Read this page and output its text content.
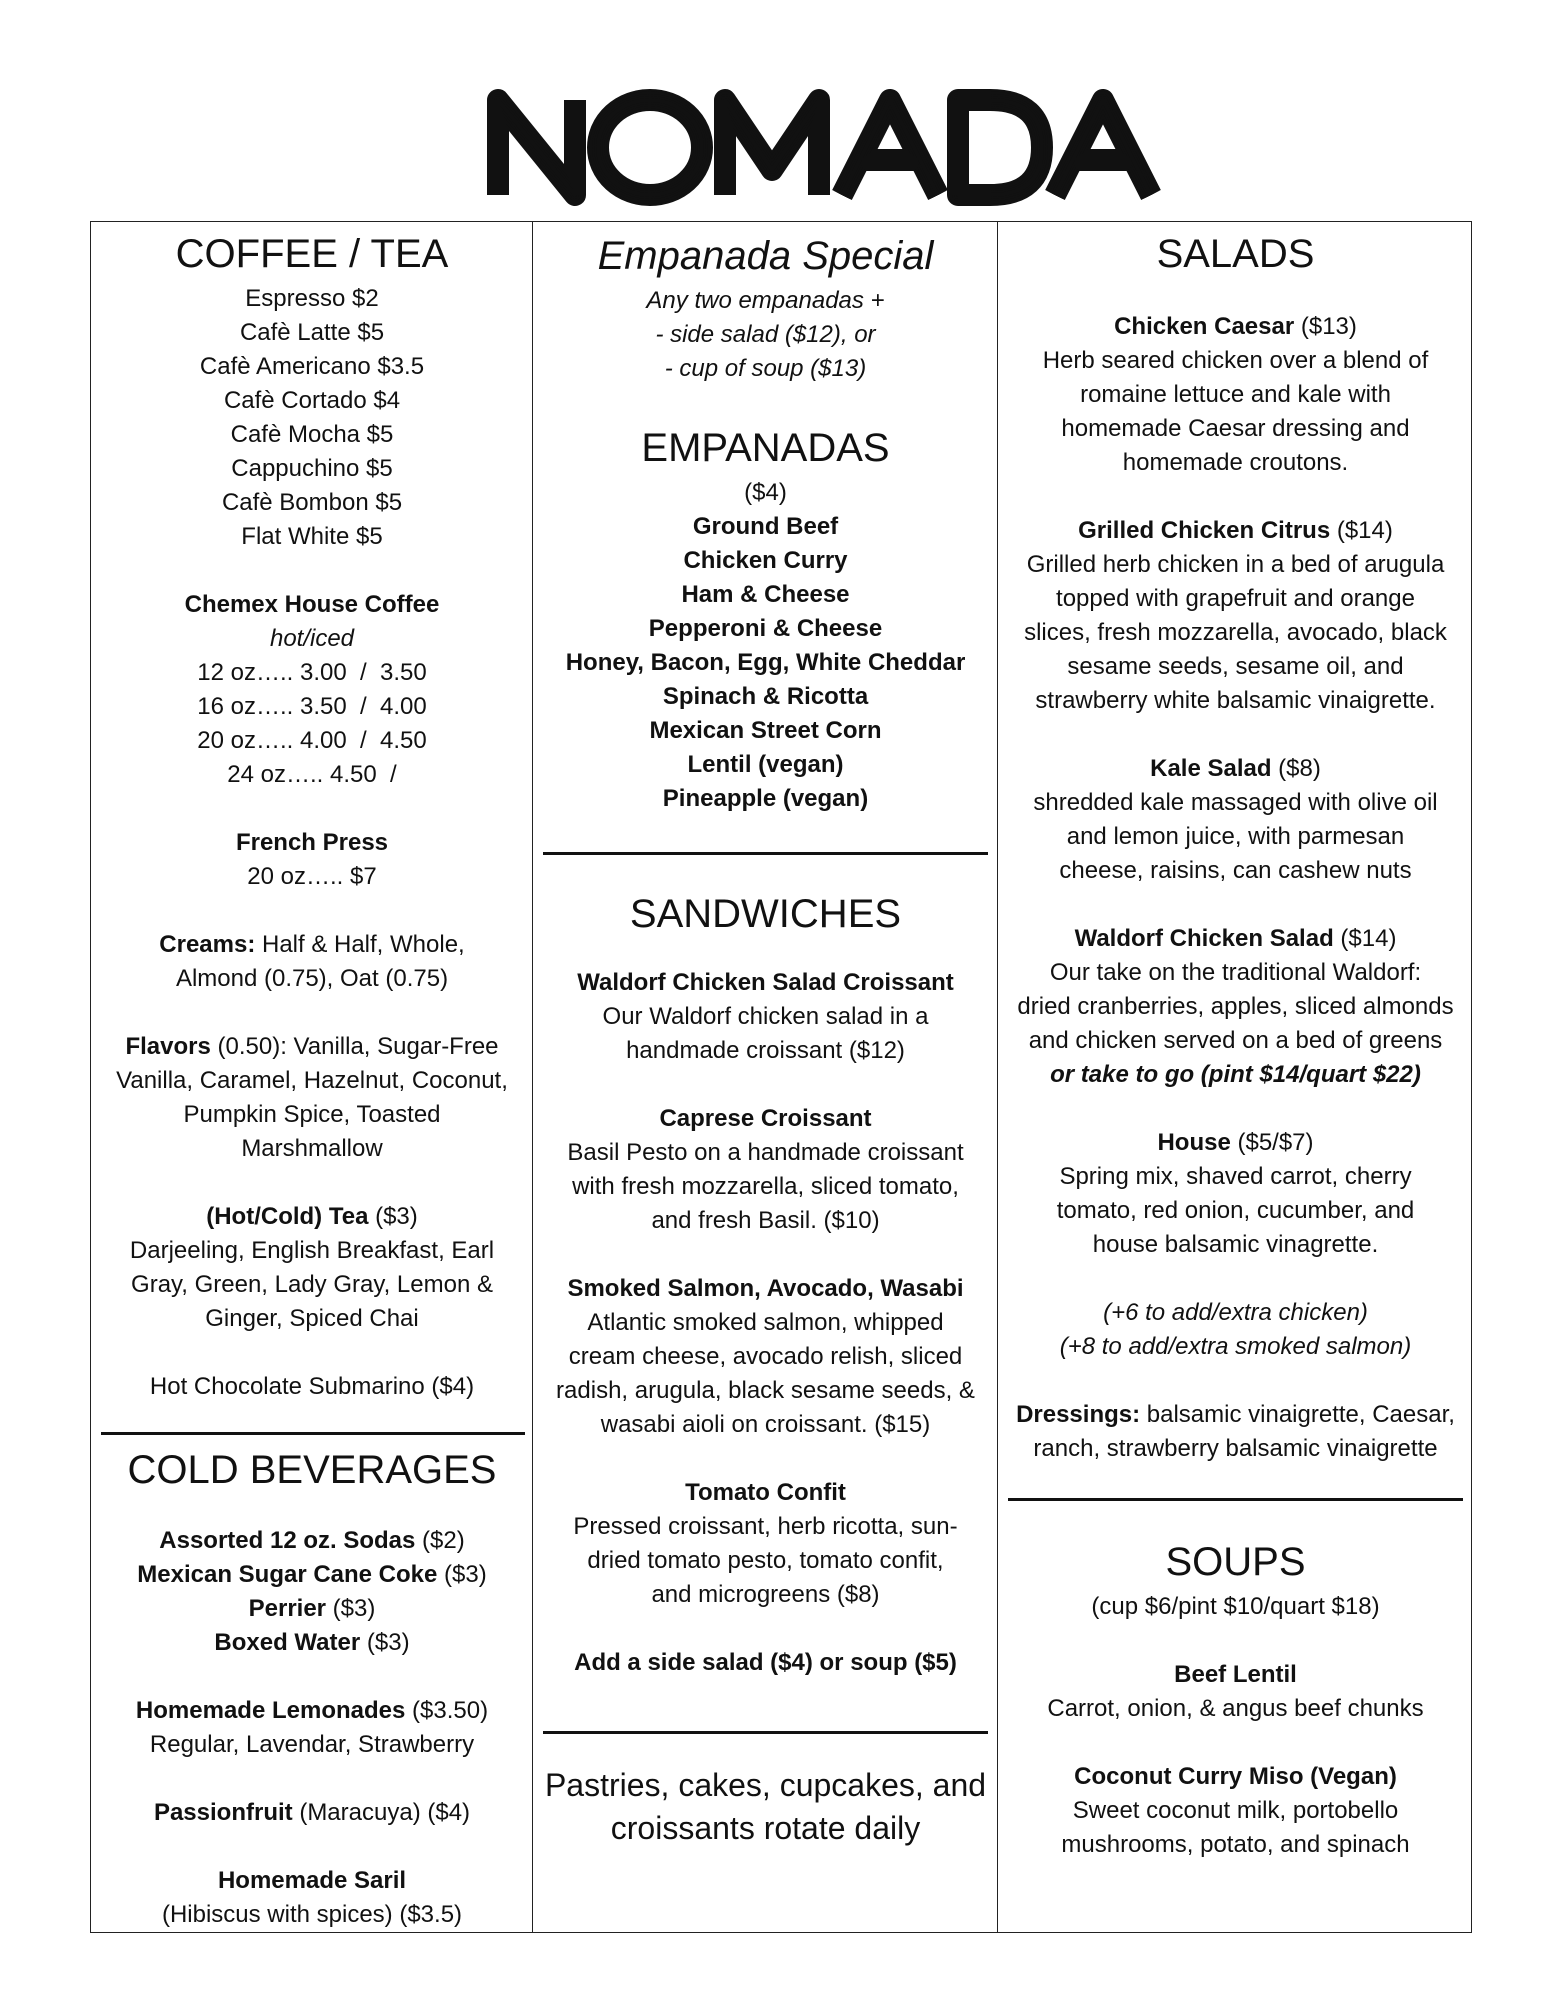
NOMADA
COFFEE / TEA
Espresso $2
Cafè Latte $5
Cafè Americano $3.5
Cafè Cortado $4
Cafè Mocha $5
Cappuchino $5
Cafè Bombon $5
Flat White $5
Chemex House Coffee
hot/iced
12 oz….. 3.00  /  3.50
16 oz….. 3.50  /  4.00
20 oz….. 4.00  /  4.50
24 oz….. 4.50  /
French Press
20 oz….. $7
Creams: Half & Half, Whole,
Almond (0.75), Oat (0.75)
Flavors (0.50): Vanilla, Sugar-Free
Vanilla, Caramel, Hazelnut, Coconut,
Pumpkin Spice, Toasted
Marshmallow
(Hot/Cold) Tea ($3)
Darjeeling, English Breakfast, Earl
Gray, Green, Lady Gray, Lemon &
Ginger, Spiced Chai
Hot Chocolate Submarino ($4)
COLD BEVERAGES
Assorted 12 oz. Sodas ($2)
Mexican Sugar Cane Coke ($3)
Perrier ($3)
Boxed Water ($3)
Homemade Lemonades ($3.50)
Regular, Lavendar, Strawberry
Passionfruit (Maracuya) ($4)
Homemade Saril
(Hibiscus with spices) ($3.5)
Empanada Special
Any two empanadas +
- side salad ($12), or
- cup of soup ($13)
EMPANADAS
($4)
Ground Beef
Chicken Curry
Ham & Cheese
Pepperoni & Cheese
Honey, Bacon, Egg, White Cheddar
Spinach & Ricotta
Mexican Street Corn
Lentil (vegan)
Pineapple (vegan)
SANDWICHES
Waldorf Chicken Salad Croissant
Our Waldorf chicken salad in a
handmade croissant ($12)
Caprese Croissant
Basil Pesto on a handmade croissant
with fresh mozzarella, sliced tomato,
and fresh Basil. ($10)
Smoked Salmon, Avocado, Wasabi
Atlantic smoked salmon, whipped
cream cheese, avocado relish, sliced
radish, arugula, black sesame seeds, &
wasabi aioli on croissant. ($15)
Tomato Confit
Pressed croissant, herb ricotta, sun-
dried tomato pesto, tomato confit,
and microgreens ($8)
Add a side salad ($4) or soup ($5)
Pastries, cakes, cupcakes, and
croissants rotate daily
SALADS
Chicken Caesar ($13)
Herb seared chicken over a blend of
romaine lettuce and kale with
homemade Caesar dressing and
homemade croutons.
Grilled Chicken Citrus ($14)
Grilled herb chicken in a bed of arugula
topped with grapefruit and orange
slices, fresh mozzarella, avocado, black
sesame seeds, sesame oil, and
strawberry white balsamic vinaigrette.
Kale Salad ($8)
shredded kale massaged with olive oil
and lemon juice, with parmesan
cheese, raisins, can cashew nuts
Waldorf Chicken Salad ($14)
Our take on the traditional Waldorf:
dried cranberries, apples, sliced almonds
and chicken served on a bed of greens
or take to go (pint $14/quart $22)
House ($5/$7)
Spring mix, shaved carrot, cherry
tomato, red onion, cucumber, and
house balsamic vinagrette.
(+6 to add/extra chicken)
(+8 to add/extra smoked salmon)
Dressings: balsamic vinaigrette, Caesar,
ranch, strawberry balsamic vinaigrette
SOUPS
(cup $6/pint $10/quart $18)
Beef Lentil
Carrot, onion, & angus beef chunks
Coconut Curry Miso (Vegan)
Sweet coconut milk, portobello
mushrooms, potato, and spinach
